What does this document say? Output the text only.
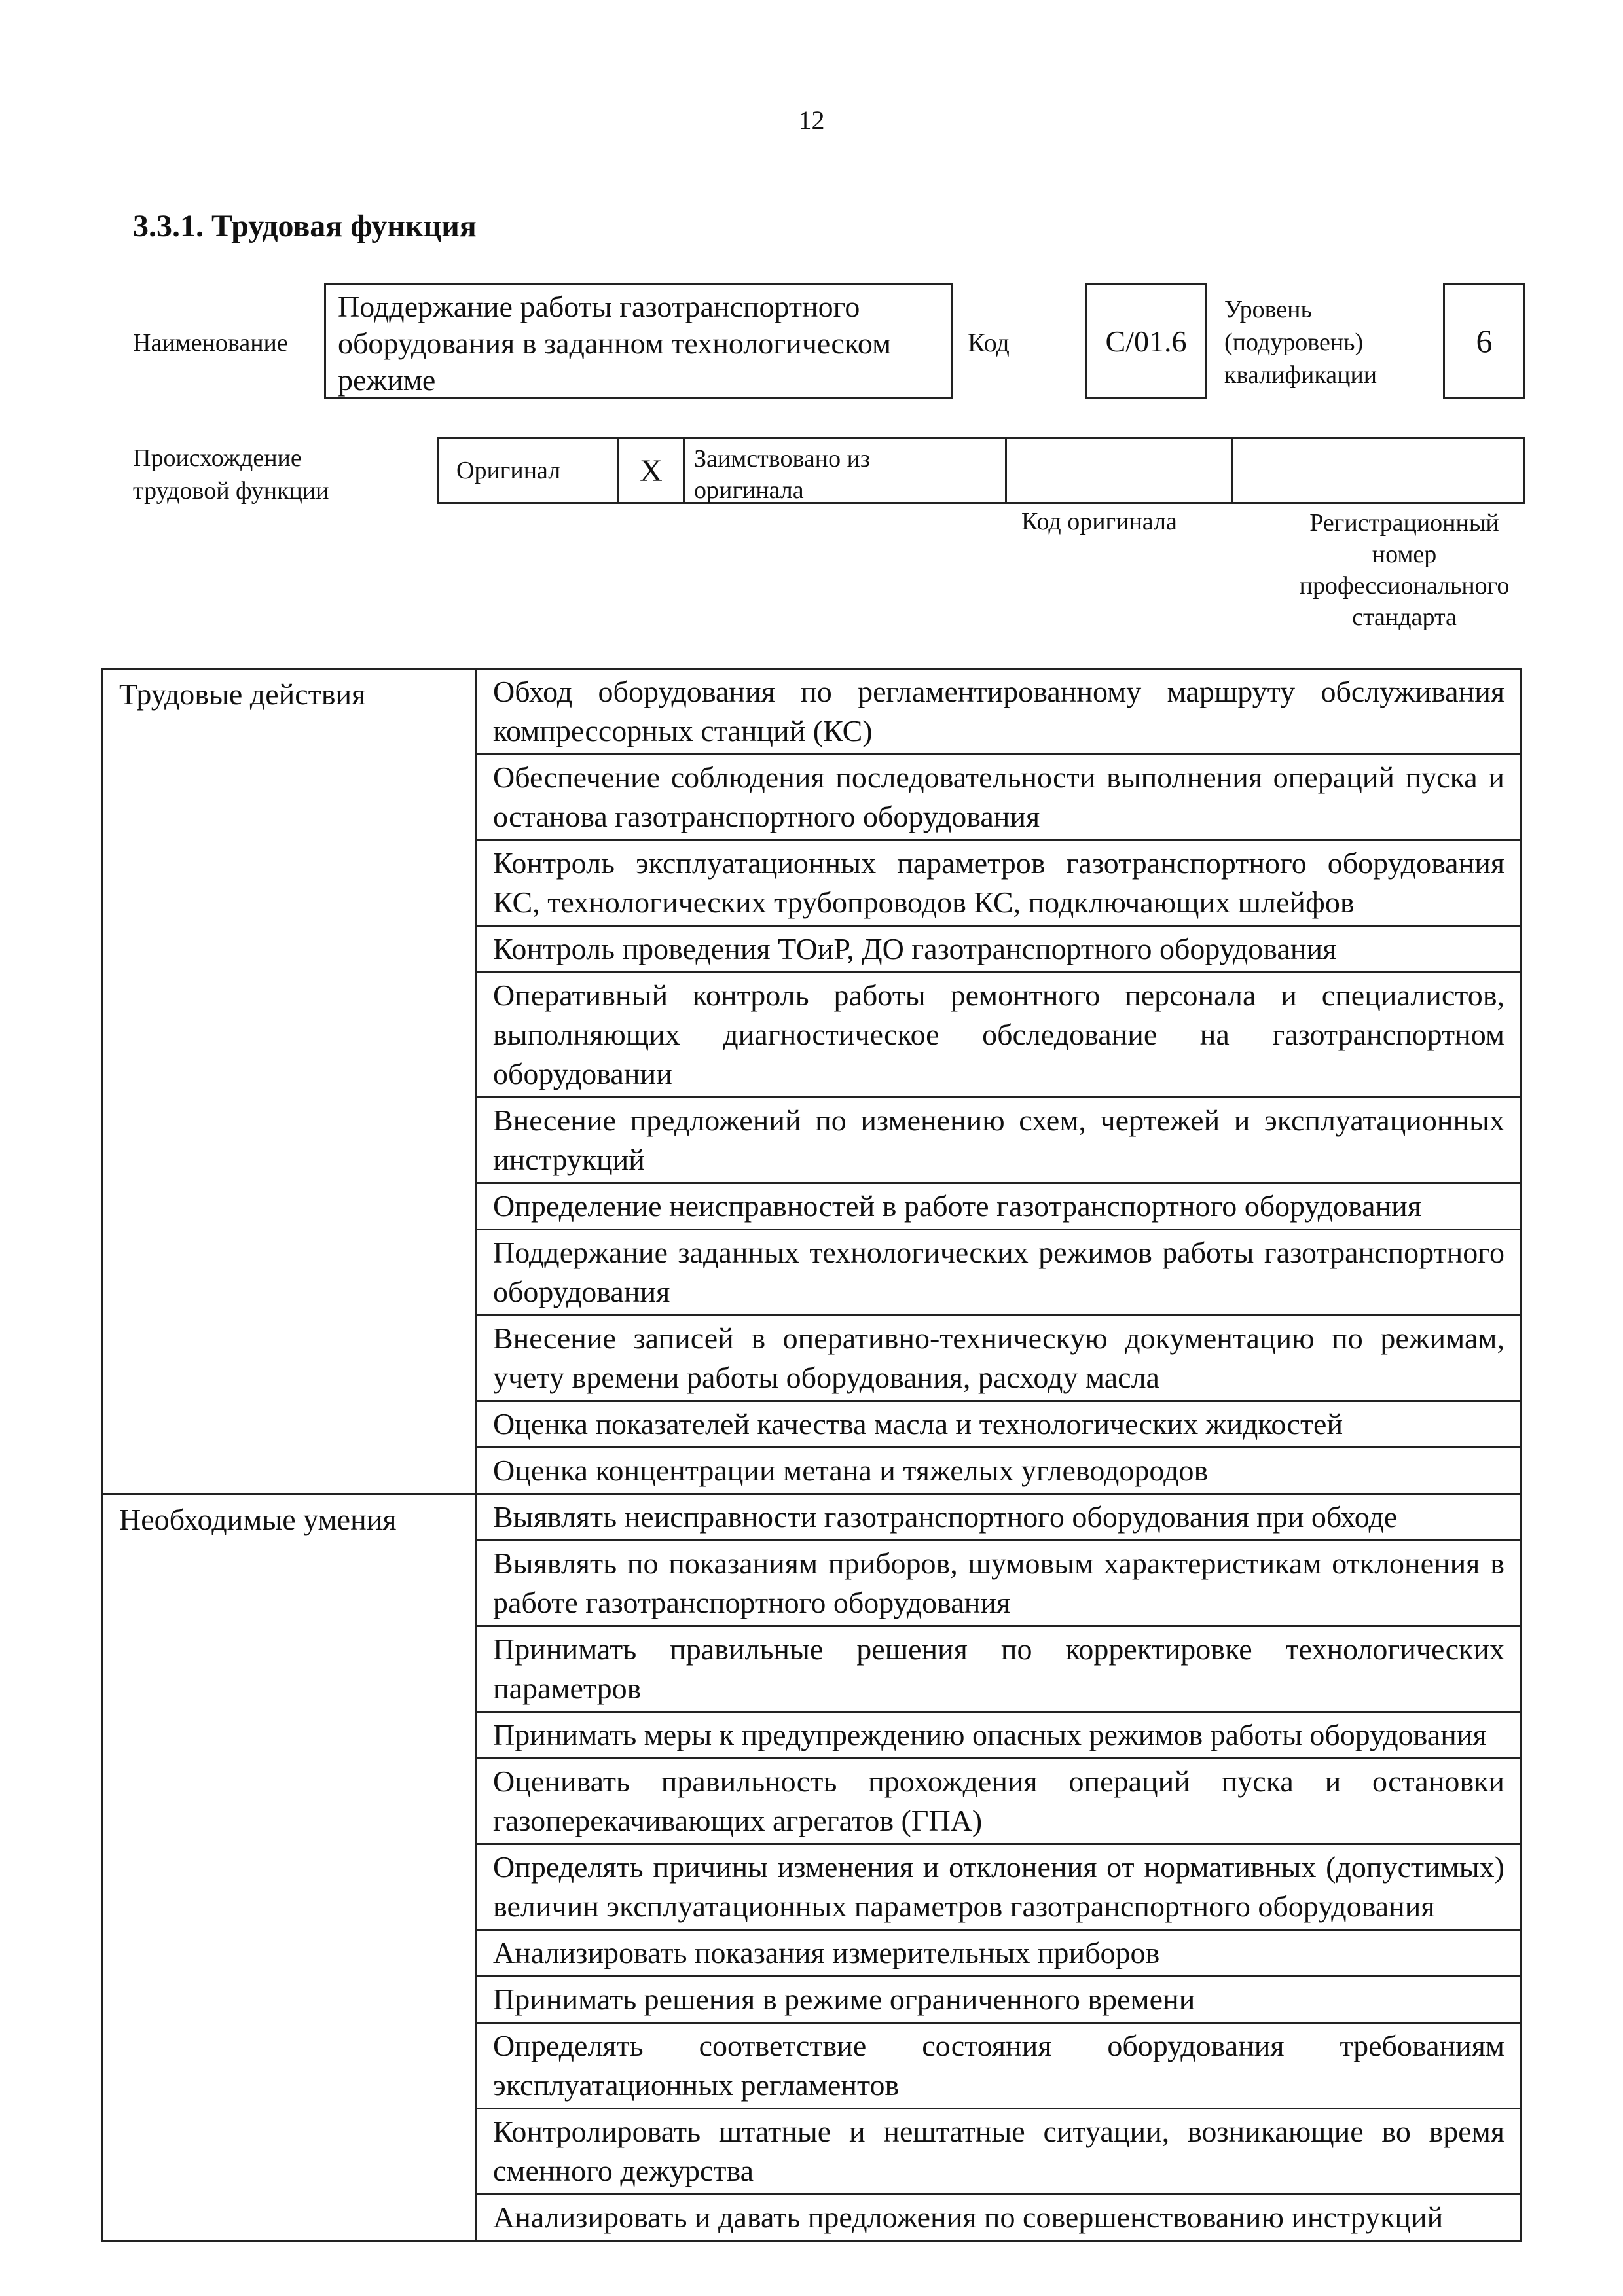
12
3.3.1. Трудовая функция
Наименование
Поддержание работы газотранспортного оборудования в заданном технологическом режиме
Код	C/01.6
Уровень
(подуровень)
квалификации
6
Происхождение
трудовой функции
Оригинал	X	Заимствовано из
оригинала
Код оригинала	Регистрационный
номер
профессионального
стандарта
Трудовые действия	Обход оборудования по регламентированному маршруту обслуживания компрессорных станций (КС)
	Обеспечение соблюдения последовательности выполнения операций пуска и останова газотранспортного оборудования
	Контроль эксплуатационных параметров газотранспортного оборудования КС, технологических трубопроводов КС, подключающих шлейфов
	Контроль проведения ТОиР, ДО газотранспортного оборудования
	Оперативный контроль работы ремонтного персонала и специалистов, выполняющих диагностическое обследование на газотранспортном оборудовании
	Внесение предложений по изменению схем, чертежей и эксплуатационных инструкций
	Определение неисправностей в работе газотранспортного оборудования
	Поддержание заданных технологических режимов работы газотранспортного оборудования
	Внесение записей в оперативно-техническую документацию по режимам, учету времени работы оборудования, расходу масла
	Оценка показателей качества масла и технологических жидкостей
	Оценка концентрации метана и тяжелых углеводородов
Необходимые умения	Выявлять неисправности газотранспортного оборудования при обходе
	Выявлять по показаниям приборов, шумовым характеристикам отклонения в работе газотранспортного оборудования
	Принимать правильные решения по корректировке технологических параметров
	Принимать меры к предупреждению опасных режимов работы оборудования
	Оценивать правильность прохождения операций пуска и остановки газоперекачивающих агрегатов (ГПА)
	Определять причины изменения и отклонения от нормативных (допустимых) величин эксплуатационных параметров газотранспортного оборудования
	Анализировать показания измерительных приборов
	Принимать решения в режиме ограниченного времени
	Определять соответствие состояния оборудования требованиям эксплуатационных регламентов
	Контролировать штатные и нештатные ситуации, возникающие во время сменного дежурства
	Анализировать и давать предложения по совершенствованию инструкций
